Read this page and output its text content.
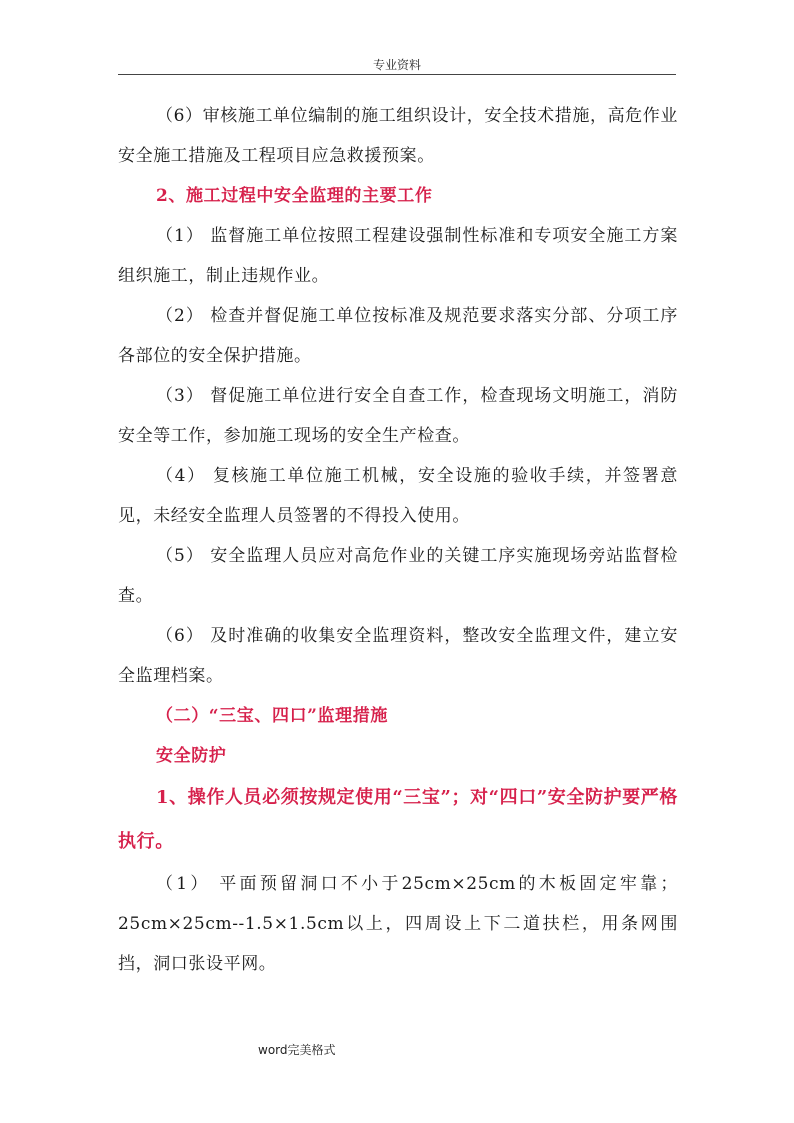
专业资料

（6）审核施工单位编制的施工组织设计，安全技术措施，高危作业安全施工措施及工程项目应急救援预案。

2、施工过程中安全监理的主要工作

（1） 监督施工单位按照工程建设强制性标准和专项安全施工方案组织施工，制止违规作业。

（2） 检查并督促施工单位按标准及规范要求落实分部、分项工序各部位的安全保护措施。

（3） 督促施工单位进行安全自查工作，检查现场文明施工，消防安全等工作，参加施工现场的安全生产检查。

（4） 复核施工单位施工机械，安全设施的验收手续，并签署意见，未经安全监理人员签署的不得投入使用。

（5） 安全监理人员应对高危作业的关键工序实施现场旁站监督检查。

（6） 及时准确的收集安全监理资料，整改安全监理文件，建立安全监理档案。

（二）“三宝、四口”监理措施

安全防护

1、操作人员必须按规定使用“三宝”；对“四口”安全防护要严格执行。

（1） 平面预留洞口不小于25cm×25cm的木板固定牢靠；25cm×25cm--1.5×1.5cm以上，四周设上下二道扶栏，用条网围挡，洞口张设平网。

word完美格式
